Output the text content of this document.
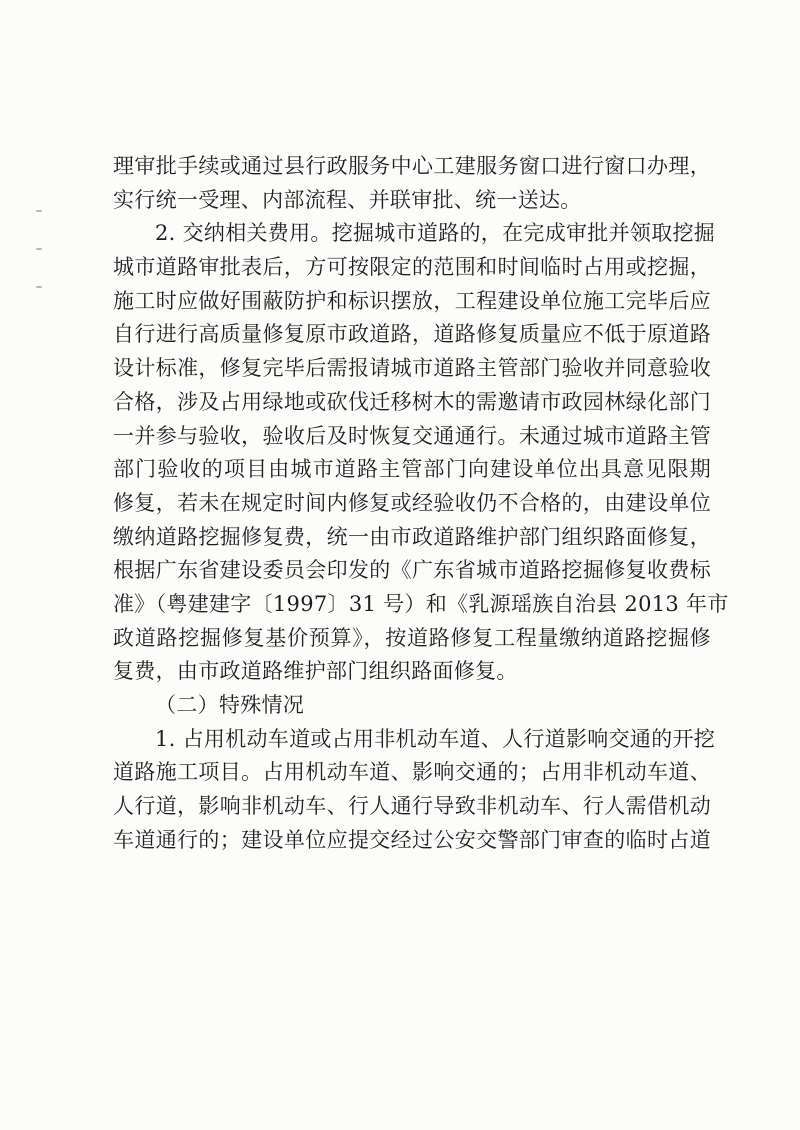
理审批手续或通过县行政服务中心工建服务窗口进行窗口办理，
实行统一受理、内部流程、并联审批、统一送达。
2. 交纳相关费用。挖掘城市道路的，在完成审批并领取挖掘
城市道路审批表后，方可按限定的范围和时间临时占用或挖掘，
施工时应做好围蔽防护和标识摆放，工程建设单位施工完毕后应
自行进行高质量修复原市政道路，道路修复质量应不低于原道路
设计标准，修复完毕后需报请城市道路主管部门验收并同意验收
合格，涉及占用绿地或砍伐迁移树木的需邀请市政园林绿化部门
一并参与验收，验收后及时恢复交通通行。未通过城市道路主管
部门验收的项目由城市道路主管部门向建设单位出具意见限期
修复，若未在规定时间内修复或经验收仍不合格的，由建设单位
缴纳道路挖掘修复费，统一由市政道路维护部门组织路面修复，
根据广东省建设委员会印发的《广东省城市道路挖掘修复收费标
准》（粤建建字〔1997〕31 号）和《乳源瑶族自治县 2013 年市
政道路挖掘修复基价预算》，按道路修复工程量缴纳道路挖掘修
复费，由市政道路维护部门组织路面修复。
（二）特殊情况
1. 占用机动车道或占用非机动车道、人行道影响交通的开挖
道路施工项目。占用机动车道、影响交通的；占用非机动车道、
人行道，影响非机动车、行人通行导致非机动车、行人需借机动
车道通行的；建设单位应提交经过公安交警部门审查的临时占道
